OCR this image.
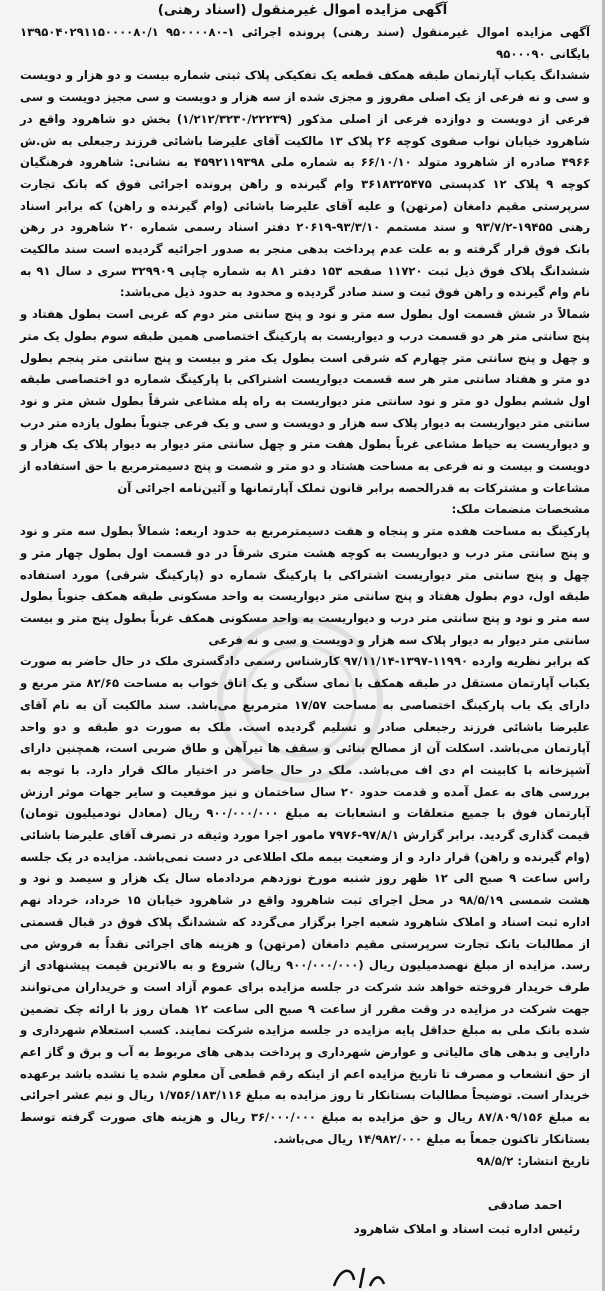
آگهی مزایده اموال غیرمنقول (اسناد رهنی)

آگهی مزایده اموال غیرمنقول (سند رهنی) پرونده اجرائی ۱-۹۵۰۰۰۰۸۰ ۱۳۹۵۰۴۰۲۹۱۱۵۰۰۰۰۸۰/۱ بایگانی ۹۵۰۰۰۹۰

ششدانگ یکباب آپارتمان طبقه همکف قطعه یک تفکیکی پلاک ثبتی شماره بیست و دو هزار و دویست و سی و نه فرعی از یک اصلی مفروز و مجزی شده از سه هزار و دویست و سی مجیز دویست و سی فرعی از دویست و دوازده فرعی از اصلی مذکور (۱/۲۱۲/۳۲۳۰/۲۲۲۳۹) بخش دو شاهرود واقع در شاهرود خیابان نواب صفوی کوچه ۲۶ پلاک ۱۳ مالکیت آقای علیرضا باشائی فرزند رجبعلی به ش.ش ۴۹۶۶ صادره از شاهرود متولد ۶۶/۱۰/۱۰ به شماره ملی ۴۵۹۲۱۱۹۳۹۸ به نشانی: شاهرود فرهنگیان کوچه ۹ پلاک ۱۲ کدپستی ۳۶۱۸۳۲۵۴۷۵ وام گیرنده و راهن پرونده اجرائی فوق که بانک تجارت سرپرستی مقیم دامغان (مرتهن) و علیه آقای علیرضا باشائی (وام گیرنده و راهن) که برابر اسناد رهنی ۱۹۴۵۵-۹۳/۷/۲ و سند مستمم ۹۳/۳/۱۰-۲۰۶۱۹ دفتر اسناد رسمی شماره ۲۰ شاهرود در رهن بانک فوق قرار گرفته و به علت عدم پرداخت بدهی منجر به صدور اجرائیه گردیده است سند مالکیت ششدانگ پلاک فوق ذیل ثبت ۱۱۷۲۰ صفحه ۱۵۳ دفتر ۸۱ به شماره چاپی ۳۲۹۹۰۹ سری د سال ۹۱ به نام وام گیرنده و راهن فوق ثبت و سند صادر گردیده و محدود به حدود ذیل می‌باشد:

شمالاً در شش قسمت اول بطول سه متر و نود و پنج سانتی متر دوم که غربی است بطول هفتاد و پنج سانتی متر هر دو قسمت درب و دیواریست به پارکینگ اختصاصی همین طبقه سوم بطول یک متر و چهل و پنج سانتی متر چهارم که شرقی است بطول یک متر و بیست و پنج سانتی متر پنجم بطول دو متر و هفتاد سانتی متر هر سه قسمت دیواریست اشتراکی با پارکینگ شماره دو اختصاصی طبقه اول ششم بطول دو متر و نود سانتی متر دیواریست به راه پله مشاعی شرقاً بطول شش متر و نود سانتی متر دیواریست به دیوار پلاک سه هزار و دویست و سی و یک فرعی جنوباً بطول یازده متر درب و دیواریست به حیاط مشاعی غرباً بطول هفت متر و چهل سانتی متر دیوار به دیوار پلاک یک هزار و دویست و بیست و نه فرعی به مساحت هشتاد و دو متر و شصت و پنج دسیمترمربع با حق استفاده از مشاعات و مشترکات به قدرالحصه برابر قانون تملک آپارتمانها و آئین‌نامه اجرائی آن

مشخصات منضمات ملک:

پارکینگ به مساحت هفده متر و پنجاه و هفت دسیمترمربع به حدود اربعه: شمالاً بطول سه متر و نود و پنج سانتی متر درب و دیواریست به کوچه هشت متری شرقاً در دو قسمت اول بطول چهار متر و چهل و پنج سانتی متر دیواریست اشتراکی با پارکینگ شماره دو (پارکینگ شرقی) مورد استفاده طبقه اول، دوم بطول هفتاد و پنج سانتی متر دیواریست به واحد مسکونی طبقه همکف جنوباً بطول سه متر و نود و پنج سانتی متر درب و دیواریست به واحد مسکونی همکف غرباً بطول پنج متر و بیست سانتی متر دیوار به دیوار پلاک سه هزار و دویست و سی و نه فرعی

که برابر نظریه وارده ۱۱۹۹۰-۱۳۹۷-۹۷/۱۱/۱۴ کارشناس رسمی دادگستری ملک در حال حاضر به صورت یکباب آپارتمان مستقل در طبقه همکف با نمای سنگی و یک اتاق خواب به مساحت ۸۲/۶۵ متر مربع و دارای یک باب پارکینگ اختصاصی به مساحت ۱۷/۵۷ مترمربع می‌باشد. سند مالکیت آن به نام آقای علیرضا باشائی فرزند رجبعلی صادر و تسلیم گردیده است. ملک به صورت دو طبقه و دو واحد آپارتمان می‌باشد. اسکلت آن از مصالح بنائی و سقف ها تیرآهن و طاق ضربی است، همچنین دارای آشپزخانه با کابینت ام دی اف می‌باشد. ملک در حال حاضر در اختیار مالک قرار دارد. با توجه به بررسی های به عمل آمده و قدمت حدود ۲۰ سال ساختمان و نیز موقعیت و سایر جهات موثر ارزش آپارتمان فوق با جمیع متعلقات و انشعابات به مبلغ ۹۰۰/۰۰۰/۰۰۰ ریال (معادل نودمیلیون تومان) قیمت گذاری گردید. برابر گزارش ۹۷/۸/۱-۷۹۷۶ مامور اجرا مورد وثیقه در تصرف آقای علیرضا باشائی (وام گیرنده و راهن) قرار دارد و از وضعیت بیمه ملک اطلاعی در دست نمی‌باشد. مزایده در یک جلسه راس ساعت ۹ صبح الی ۱۲ ظهر روز شنبه مورخ نوزدهم مردادماه سال یک هزار و سیصد و نود و هشت شمسی ۹۸/۵/۱۹ در محل اجرای ثبت شاهرود واقع در شاهرود خیابان ۱۵ خرداد، خرداد نهم اداره ثبت اسناد و املاک شاهرود شعبه اجرا برگزار می‌گردد که ششدانگ پلاک فوق در قبال قسمتی از مطالبات بانک تجارت سرپرستی مقیم دامغان (مرتهن) و هزینه های اجرائی نقداً به فروش می رسد. مزایده از مبلغ نهصدمیلیون ریال (۹۰۰/۰۰۰/۰۰۰ ریال) شروع و به بالاترین قیمت پیشنهادی از طرف خریدار فروخته خواهد شد شرکت در جلسه مزایده برای عموم آزاد است و خریداران می‌توانند جهت شرکت در مزایده در وقت مقرر از ساعت ۹ صبح الی ساعت ۱۲ همان روز با ارائه چک تضمین شده بانک ملی به مبلغ حداقل پایه مزایده در جلسه مزایده شرکت نمایند. کسب استعلام شهرداری و دارایی و بدهی های مالیاتی و عوارض شهرداری و پرداخت بدهی های مربوط به آب و برق و گاز اعم از حق انشعاب و مصرف تا تاریخ مزایده اعم از اینکه رقم قطعی آن معلوم شده یا نشده باشد برعهده خریدار است. توضیحاً مطالبات بستانکار تا روز مزایده به مبلغ ۱/۷۵۶/۱۸۳/۱۱۶ ریال و نیم عشر اجرائی به مبلغ ۸۷/۸۰۹/۱۵۶ ریال و حق مزایده به مبلغ ۳۶/۰۰۰/۰۰۰ ریال و هزینه های صورت گرفته توسط بستانکار تاکنون جمعاً به مبلغ ۱۴/۹۸۲/۰۰۰ ریال می‌باشد.

تاریخ انتشار: ۹۸/۵/۲

احمد صادقی
رئیس اداره ثبت اسناد و املاک شاهرود
